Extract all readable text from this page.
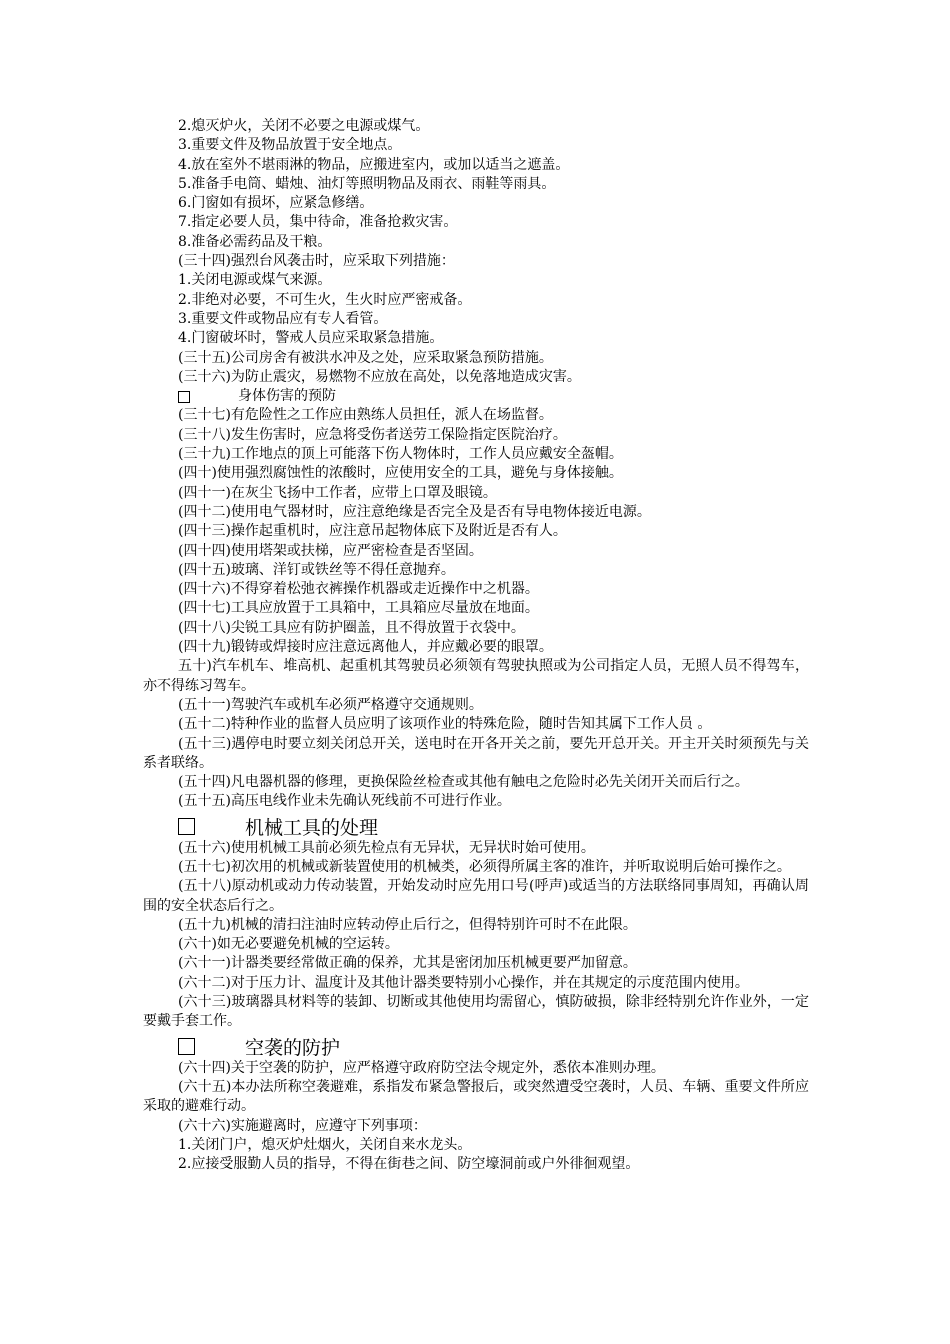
2.熄灭炉火，关闭不必要之电源或煤气。
3.重要文件及物品放置于安全地点。
4.放在室外不堪雨淋的物品，应搬进室内，或加以适当之遮盖。
5.准备手电筒、蜡烛、油灯等照明物品及雨衣、雨鞋等雨具。
6.门窗如有损坏，应紧急修缮。
7.指定必要人员，集中待命，准备抢救灾害。
8.准备必需药品及干粮。
(三十四)强烈台风袭击时，应采取下列措施：
1.关闭电源或煤气来源。
2.非绝对必要，不可生火，生火时应严密戒备。
3.重要文件或物品应有专人看管。
4.门窗破坏时，警戒人员应采取紧急措施。
(三十五)公司房舍有被洪水冲及之处，应采取紧急预防措施。
(三十六)为防止震灾，易燃物不应放在高处，以免落地造成灾害。
身体伤害的预防
(三十七)有危险性之工作应由熟练人员担任，派人在场监督。
(三十八)发生伤害时，应急将受伤者送劳工保险指定医院治疗。
(三十九)工作地点的顶上可能落下伤人物体时，工作人员应戴安全盔帽。
(四十)使用强烈腐蚀性的浓酸时，应使用安全的工具，避免与身体接触。
(四十一)在灰尘飞扬中工作者，应带上口罩及眼镜。
(四十二)使用电气器材时，应注意绝缘是否完全及是否有导电物体接近电源。
(四十三)操作起重机时，应注意吊起物体底下及附近是否有人。
(四十四)使用塔架或扶梯，应严密检查是否坚固。
(四十五)玻璃、洋钉或铁丝等不得任意抛弃。
(四十六)不得穿着松弛衣裤操作机器或走近操作中之机器。
(四十七)工具应放置于工具箱中，工具箱应尽量放在地面。
(四十八)尖锐工具应有防护圈盖，且不得放置于衣袋中。
(四十九)锻铸或焊接时应注意远离他人，并应戴必要的眼罩。
五十)汽车机车、堆高机、起重机其驾驶员必须领有驾驶执照或为公司指定人员，无照人员不得驾车，亦不得练习驾车。
(五十一)驾驶汽车或机车必须严格遵守交通规则。
(五十二)特种作业的监督人员应明了该项作业的特殊危险，随时告知其属下工作人员 。
(五十三)遇停电时要立刻关闭总开关，送电时在开各开关之前，要先开总开关。开主开关时须预先与关系者联络。
(五十四)凡电器机器的修理，更换保险丝检查或其他有触电之危险时必先关闭开关而后行之。
(五十五)高压电线作业未先确认死线前不可进行作业。
机械工具的处理
(五十六)使用机械工具前必须先检点有无异状，无异状时始可使用。
(五十七)初次用的机械或新装置使用的机械类，必须得所属主客的准许，并听取说明后始可操作之。
(五十八)原动机或动力传动装置，开始发动时应先用口号(呼声)或适当的方法联络同事周知，再确认周围的安全状态后行之。
(五十九)机械的清扫注油时应转动停止后行之，但得特别许可时不在此限。
(六十)如无必要避免机械的空运转。
(六十一)计器类要经常做正确的保养，尤其是密闭加压机械更要严加留意。
(六十二)对于压力计、温度计及其他计器类要特别小心操作，并在其规定的示度范围内使用。
(六十三)玻璃器具材料等的装卸、切断或其他使用均需留心，慎防破损，除非经特别允许作业外，一定要戴手套工作。
空袭的防护
(六十四)关于空袭的防护，应严格遵守政府防空法令规定外，悉依本准则办理。
(六十五)本办法所称空袭避难，系指发布紧急警报后，或突然遭受空袭时，人员、车辆、重要文件所应采取的避难行动。
(六十六)实施避离时，应遵守下列事项：
1.关闭门户，熄灭炉灶烟火，关闭自来水龙头。
2.应接受服勤人员的指导，不得在街巷之间、防空壕洞前或户外徘徊观望。
